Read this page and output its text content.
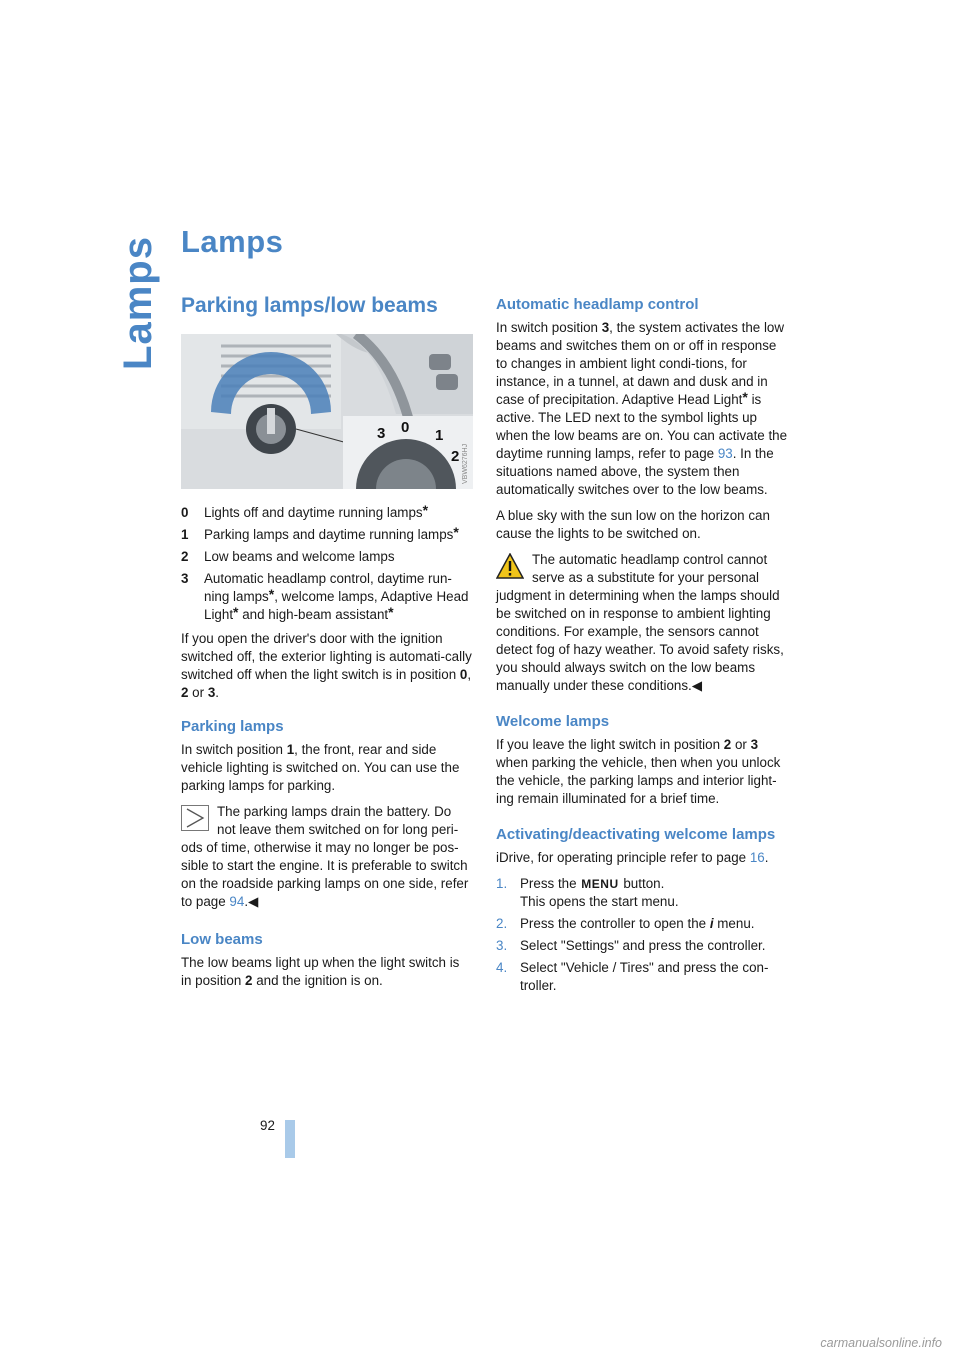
Lamps Lamps
Parking lamps/low beams
3 0 1
2 VBW6276HJ
0	Lights off and daytime running lamps*
1	Parking lamps and daytime running lamps*
2	Low beams and welcome lamps
3	Automatic headlamp control, daytime run-ning lamps*, welcome lamps, Adaptive Head Light* and high-beam assistant*

If you open the driver's door with the ignition switched off, the exterior lighting is automati-cally switched off when the light switch is in position 0, 2 or 3.

Parking lamps

In switch position 1, the front, rear and side vehicle lighting is switched on. You can use the parking lamps for parking.

The parking lamps drain the battery. Do not leave them switched on for long peri-ods of time, otherwise it may no longer be pos-sible to start the engine. It is preferable to switch on the roadside parking lamps on one side, refer to page 94.◀
Low beams

The low beams light up when the light switch is in position 2 and the ignition is on.

Automatic headlamp control

In switch position 3, the system activates the low beams and switches them on or off in response to changes in ambient light condi-tions, for instance, in a tunnel, at dawn and dusk and in case of precipitation. Adaptive Head Light* is active. The LED next to the symbol lights up when the low beams are on. You can activate the daytime running lamps, refer to page 93. In the situations named above, the system then automatically switches over to the low beams.

A blue sky with the sun low on the horizon can cause the lights to be switched on.

The automatic headlamp control cannot serve as a substitute for your personal judgment in determining when the lamps should be switched on in response to ambient lighting conditions. For example, the sensors cannot detect fog of hazy weather. To avoid safety risks, you should always switch on the low beams manually under these conditions.◀
Welcome lamps

If you leave the light switch in position 2 or 3 when parking the vehicle, then when you unlock the vehicle, the parking lamps and interior light-ing remain illuminated for a brief time.

Activating/deactivating welcome lamps

iDrive, for operating principle refer to page 16.

1. Press the MENU button.
This opens the start menu.
2. Press the controller to open the i menu.
3. Select "Settings" and press the controller.
4. Select "Vehicle / Tires" and press the con-troller.
92
carmanualsonline.info
